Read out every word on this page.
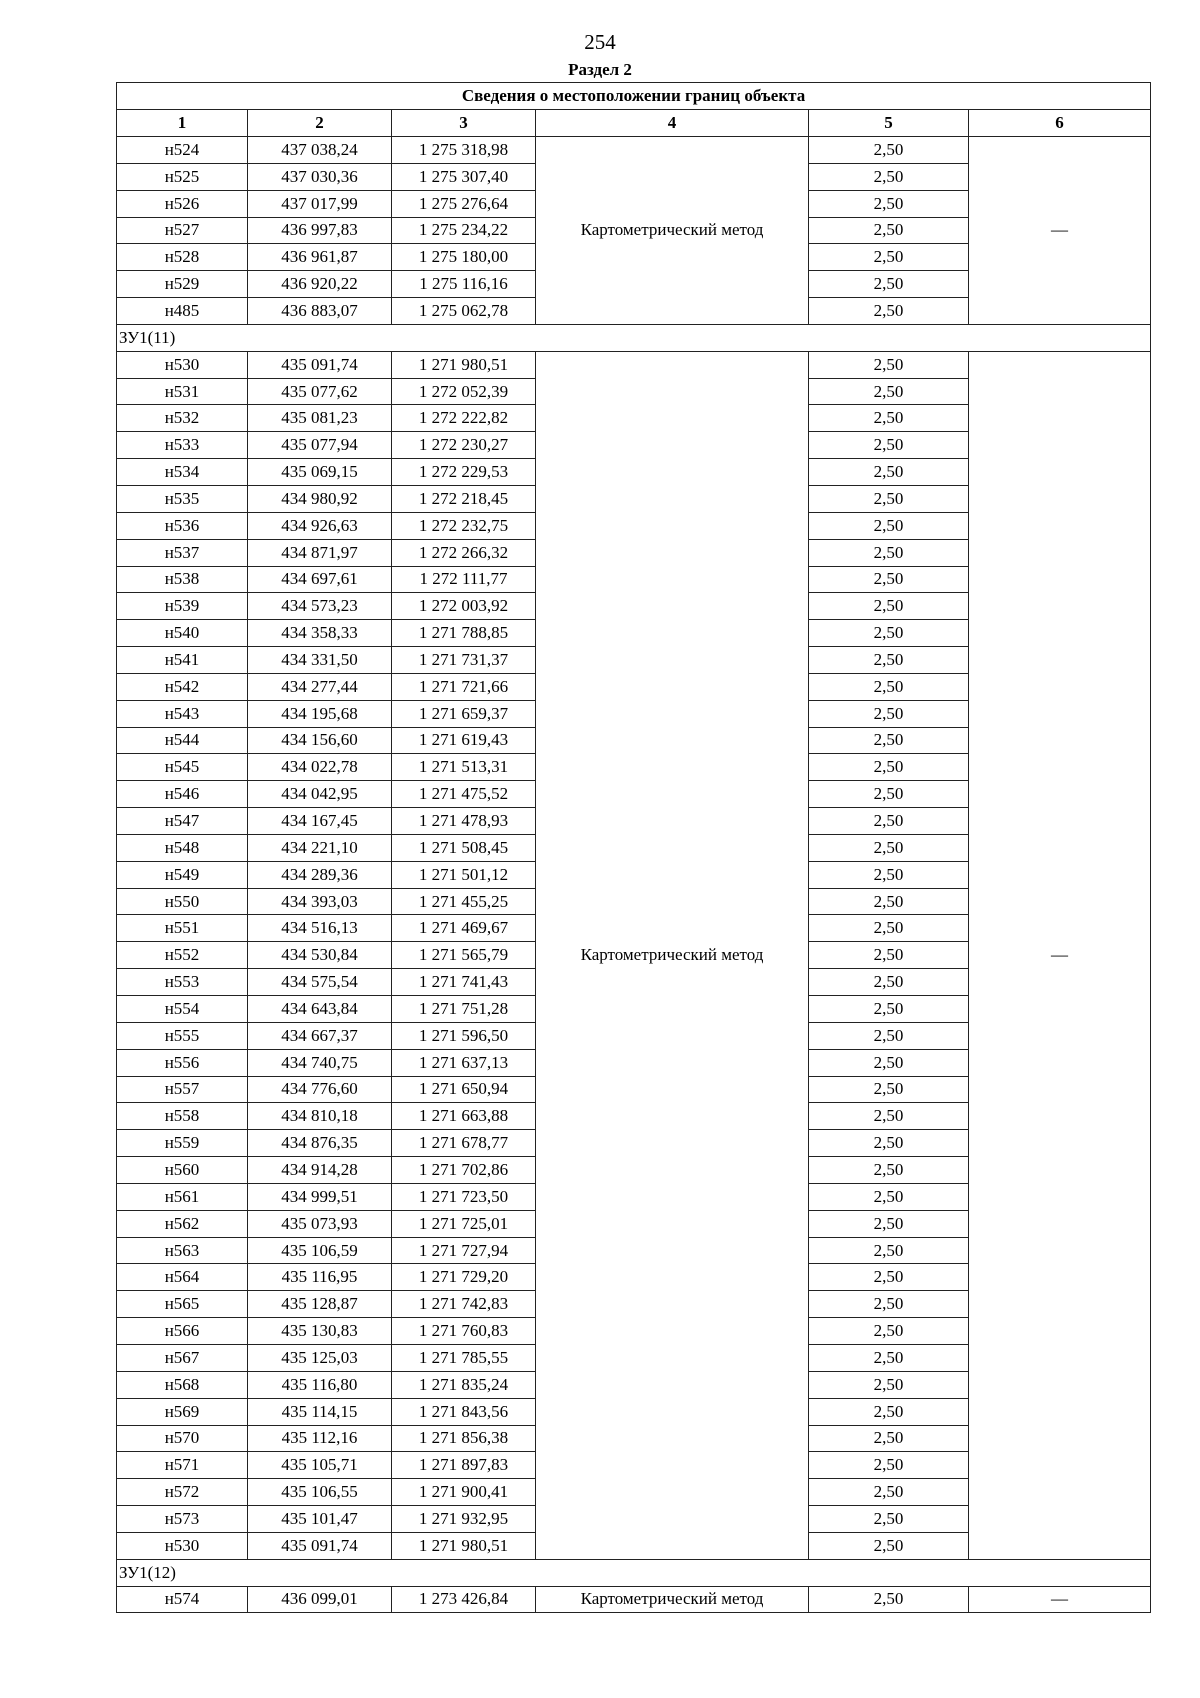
254
Раздел 2
Сведения о местоположении границ объекта					
1	2	3	4	5	6
н524	437 038,24	1 275 318,98	Картометрический метод	2,50	—
н525	437 030,36	1 275 307,40		2,50	
н526	437 017,99	1 275 276,64		2,50	
н527	436 997,83	1 275 234,22		2,50	
н528	436 961,87	1 275 180,00		2,50	
н529	436 920,22	1 275 116,16		2,50	
н485	436 883,07	1 275 062,78		2,50	
ЗУ1(11)					
н530	435 091,74	1 271 980,51	Картометрический метод	2,50	—
н531	435 077,62	1 272 052,39		2,50	
н532	435 081,23	1 272 222,82		2,50	
н533	435 077,94	1 272 230,27		2,50	
н534	435 069,15	1 272 229,53		2,50	
н535	434 980,92	1 272 218,45		2,50	
н536	434 926,63	1 272 232,75		2,50	
н537	434 871,97	1 272 266,32		2,50	
н538	434 697,61	1 272 111,77		2,50	
н539	434 573,23	1 272 003,92		2,50	
н540	434 358,33	1 271 788,85		2,50	
н541	434 331,50	1 271 731,37		2,50	
н542	434 277,44	1 271 721,66		2,50	
н543	434 195,68	1 271 659,37		2,50	
н544	434 156,60	1 271 619,43		2,50	
н545	434 022,78	1 271 513,31		2,50	
н546	434 042,95	1 271 475,52		2,50	
н547	434 167,45	1 271 478,93		2,50	
н548	434 221,10	1 271 508,45		2,50	
н549	434 289,36	1 271 501,12		2,50	
н550	434 393,03	1 271 455,25		2,50	
н551	434 516,13	1 271 469,67		2,50	
н552	434 530,84	1 271 565,79		2,50	
н553	434 575,54	1 271 741,43		2,50	
н554	434 643,84	1 271 751,28		2,50	
н555	434 667,37	1 271 596,50		2,50	
н556	434 740,75	1 271 637,13		2,50	
н557	434 776,60	1 271 650,94		2,50	
н558	434 810,18	1 271 663,88		2,50	
н559	434 876,35	1 271 678,77		2,50	
н560	434 914,28	1 271 702,86		2,50	
н561	434 999,51	1 271 723,50		2,50	
н562	435 073,93	1 271 725,01		2,50	
н563	435 106,59	1 271 727,94		2,50	
н564	435 116,95	1 271 729,20		2,50	
н565	435 128,87	1 271 742,83		2,50	
н566	435 130,83	1 271 760,83		2,50	
н567	435 125,03	1 271 785,55		2,50	
н568	435 116,80	1 271 835,24		2,50	
н569	435 114,15	1 271 843,56		2,50	
н570	435 112,16	1 271 856,38		2,50	
н571	435 105,71	1 271 897,83		2,50	
н572	435 106,55	1 271 900,41		2,50	
н573	435 101,47	1 271 932,95		2,50	
н530	435 091,74	1 271 980,51		2,50	
ЗУ1(12)					
н574	436 099,01	1 273 426,84	Картометрический метод	2,50	—
